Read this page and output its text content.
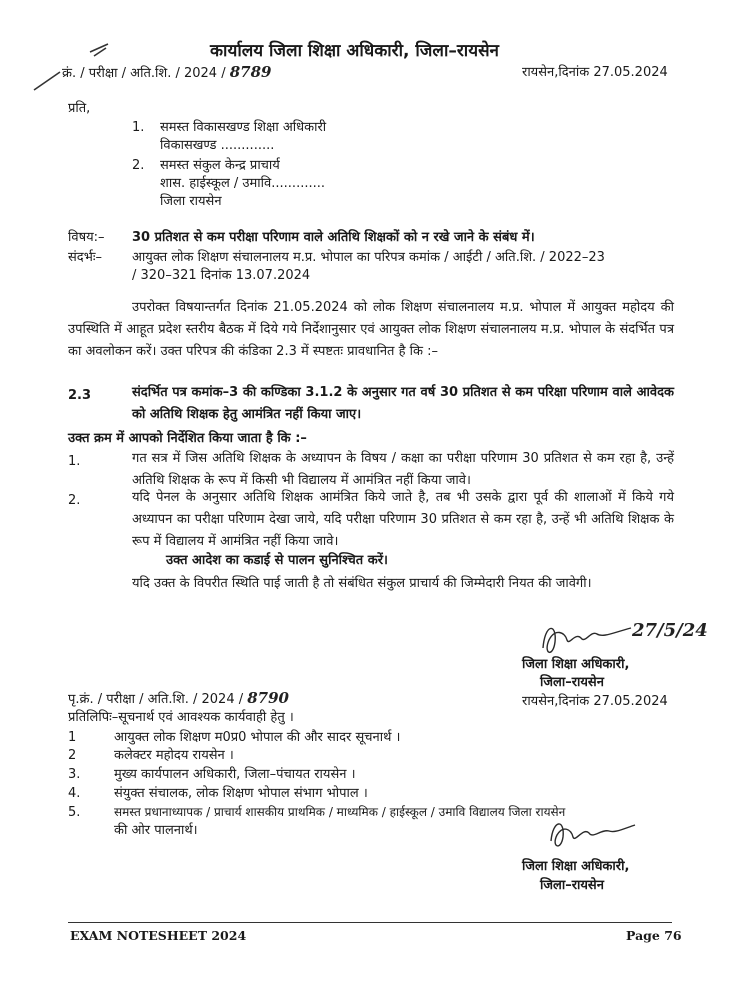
कार्यालय जिला शिक्षा अधिकारी, जिला–रायसेन
क्रं. / परीक्षा / अति.शि. / 2024 / 8789	रायसेन,दिनांक 27.05.2024
प्रति,
1. समस्त विकासखण्ड शिक्षा अधिकारी
विकासखण्ड .............
2. समस्त संकुल केन्द्र प्राचार्य
शास. हाईस्कूल / उमावि.............
जिला रायसेन
विषय:– 30 प्रतिशत से कम परीक्षा परिणाम वाले अतिथि शिक्षकों को न रखे जाने के संबंध में।
संदर्भः– आयुक्त लोक शिक्षण संचालनालय म.प्र. भोपाल का परिपत्र कमांक / आईटी / अति.शि. / 2022–23
/ 320–321 दिनांक 13.07.2024
उपरोक्त विषयान्तर्गत दिनांक 21.05.2024 को लोक शिक्षण संचालनालय म.प्र. भोपाल में आयुक्त महोदय की उपस्थिति में आहूत प्रदेश स्तरीय बैठक में दिये गये निर्देशानुसार एवं आयुक्त लोक शिक्षण संचालनालय म.प्र. भोपाल के संदर्भित पत्र का अवलोकन करें। उक्त परिपत्र की कंडिका 2.3 में स्पष्टतः प्रावधानित है कि :–
2.3	संदर्भित पत्र कमांक–3 की कण्डिका 3.1.2 के अनुसार गत वर्ष 30 प्रतिशत से कम परिक्षा परिणाम वाले आवेदक को अतिथि शिक्षक हेतु आमंत्रित नहीं किया जाए।
उक्त क्रम में आपको निर्देशित किया जाता है कि :–
1.	गत सत्र में जिस अतिथि शिक्षक के अध्यापन के विषय / कक्षा का परीक्षा परिणाम 30 प्रतिशत से कम रहा है, उन्हें अतिथि शिक्षक के रूप में किसी भी विद्यालय में आमंत्रित नहीं किया जावे।
2.	यदि पेनल के अनुसार अतिथि शिक्षक आमंत्रित किये जाते है, तब भी उसके द्वारा पूर्व की शालाओं में किये गये अध्यापन का परीक्षा परिणाम देखा जाये, यदि परीक्षा परिणाम 30 प्रतिशत से कम रहा है, उन्हें भी अतिथि शिक्षक के रूप में विद्यालय में आमंत्रित नहीं किया जावे।
उक्त आदेश का कडाई से पालन सुनिश्चित करें।
यदि उक्त के विपरीत स्थिति पाई जाती है तो संबंधित संकुल प्राचार्य की जिम्मेदारी नियत की जावेगी।
27/5/24
जिला शिक्षा अधिकारी,
जिला–रायसेन
रायसेन,दिनांक 27.05.2024
पृ.क्रं. / परीक्षा / अति.शि. / 2024 / 8790
प्रतिलिपिः–सूचनार्थ एवं आवश्यक कार्यवाही हेतु ।
1	आयुक्त लोक शिक्षण म0प्र0 भोपाल की और सादर सूचनार्थ ।
2	कलेक्टर महोदय रायसेन ।
3.	मुख्य कार्यपालन अधिकारी, जिला–पंचायत रायसेन ।
4.	संयुक्त संचालक, लोक शिक्षण भोपाल संभाग भोपाल ।
5.	समस्त प्रधानाध्यापक / प्राचार्य शासकीय प्राथमिक / माध्यमिक / हाईस्कूल / उमावि विद्यालय जिला रायसेन
की ओर पालनार्थ।
जिला शिक्षा अधिकारी,
जिला–रायसेन
EXAM NOTESHEET 2024	Page 76
